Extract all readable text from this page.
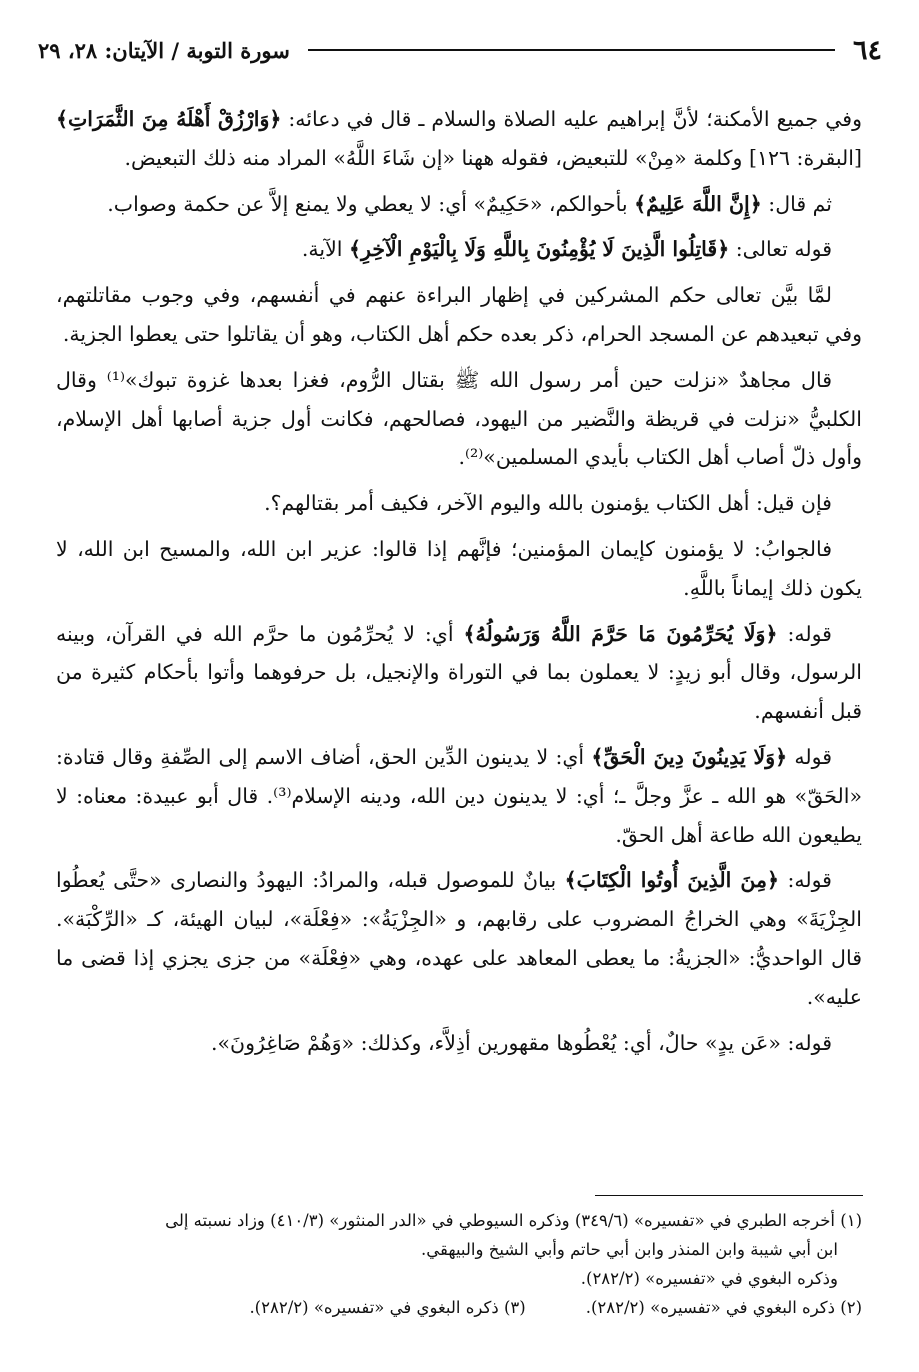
٦٤
سورة التوبة / الآيتان: ٢٨، ٢٩

وفي جميع الأمكنة؛ لأنَّ إبراهيم عليه الصلاة والسلام ـ قال في دعائه: ﴿وَارْزُقْ أَهْلَهُ مِنَ الثَّمَرَاتِ﴾ [البقرة: ١٢٦] وكلمة «مِنْ» للتبعيض، فقوله ههنا «إن شَاءَ اللَّهُ» المراد منه ذلك التبعيض.

ثم قال: ﴿إِنَّ اللَّهَ عَلِيمٌ﴾ بأحوالكم، «حَكِيمٌ» أي: لا يعطي ولا يمنع إلاَّ عن حكمة وصواب.

قوله تعالى: ﴿قَاتِلُوا الَّذِينَ لَا يُؤْمِنُونَ بِاللَّهِ وَلَا بِالْيَوْمِ الْآخِرِ﴾ الآية.

لمَّا بيَّن تعالى حكم المشركين في إظهار البراءة عنهم في أنفسهم، وفي وجوب مقاتلتهم، وفي تبعيدهم عن المسجد الحرام، ذكر بعده حكم أهل الكتاب، وهو أن يقاتلوا حتى يعطوا الجزية.

قال مجاهدٌ «نزلت حين أمر رسول الله ﷺ بقتال الرُّوم، فغزا بعدها غزوة تبوك»⁽¹⁾ وقال الكلبيُّ «نزلت في قريظة والنَّضير من اليهود، فصالحهم، فكانت أول جزية أصابها أهل الإسلام، وأول ذلّ أصاب أهل الكتاب بأيدي المسلمين»⁽²⁾.

فإن قيل: أهل الكتاب يؤمنون بالله واليوم الآخر، فكيف أمر بقتالهم؟.

فالجوابُ: لا يؤمنون كإيمان المؤمنين؛ فإنَّهم إذا قالوا: عزير ابن الله، والمسيح ابن الله، لا يكون ذلك إيماناً باللَّهِ.

قوله: ﴿وَلَا يُحَرِّمُونَ مَا حَرَّمَ اللَّهُ وَرَسُولُهُ﴾ أي: لا يُحرِّمُون ما حرَّم الله في القرآن، وبينه الرسول، وقال أبو زيدٍ: لا يعملون بما في التوراة والإنجيل، بل حرفوهما وأتوا بأحكام كثيرة من قبل أنفسهم.

قوله ﴿وَلَا يَدِينُونَ دِينَ الْحَقِّ﴾ أي: لا يدينون الدِّين الحق، أضاف الاسم إلى الصِّفةِ وقال قتادة: «الحَقّ» هو الله ـ عزَّ وجلَّ ـ؛ أي: لا يدينون دين الله، ودينه الإسلام⁽³⁾. قال أبو عبيدة: معناه: لا يطيعون الله طاعة أهل الحقّ.

قوله: ﴿مِنَ الَّذِينَ أُوتُوا الْكِتَابَ﴾ بيانٌ للموصول قبله، والمرادُ: اليهودُ والنصارى «حتَّى يُعطُوا الجِزْيَةَ» وهي الخراجُ المضروب على رقابهم، و «الجِزْيَةُ»: «فِعْلَة»، لبيان الهيئة، كـ «الرِّكْبَة». قال الواحديُّ: «الجزيةُ: ما يعطى المعاهد على عهده، وهي «فِعْلَة» من جزى يجزي إذا قضى ما عليه».

قوله: «عَن يدٍ» حالٌ، أي: يُعْطُوها مقهورين أذِلاَّء، وكذلك: «وَهُمْ صَاغِرُونَ».

(١) أخرجه الطبري في «تفسيره» (٣٤٩/٦) وذكره السيوطي في «الدر المنثور» (٤١٠/٣) وزاد نسبته إلى

ابن أبي شيبة وابن المنذر وابن أبي حاتم وأبي الشيخ والبيهقي.

وذكره البغوي في «تفسيره» (٢٨٢/٢).

(٢) ذكره البغوي في «تفسيره» (٢٨٢/٢).
(٣) ذكره البغوي في «تفسيره» (٢٨٢/٢).
